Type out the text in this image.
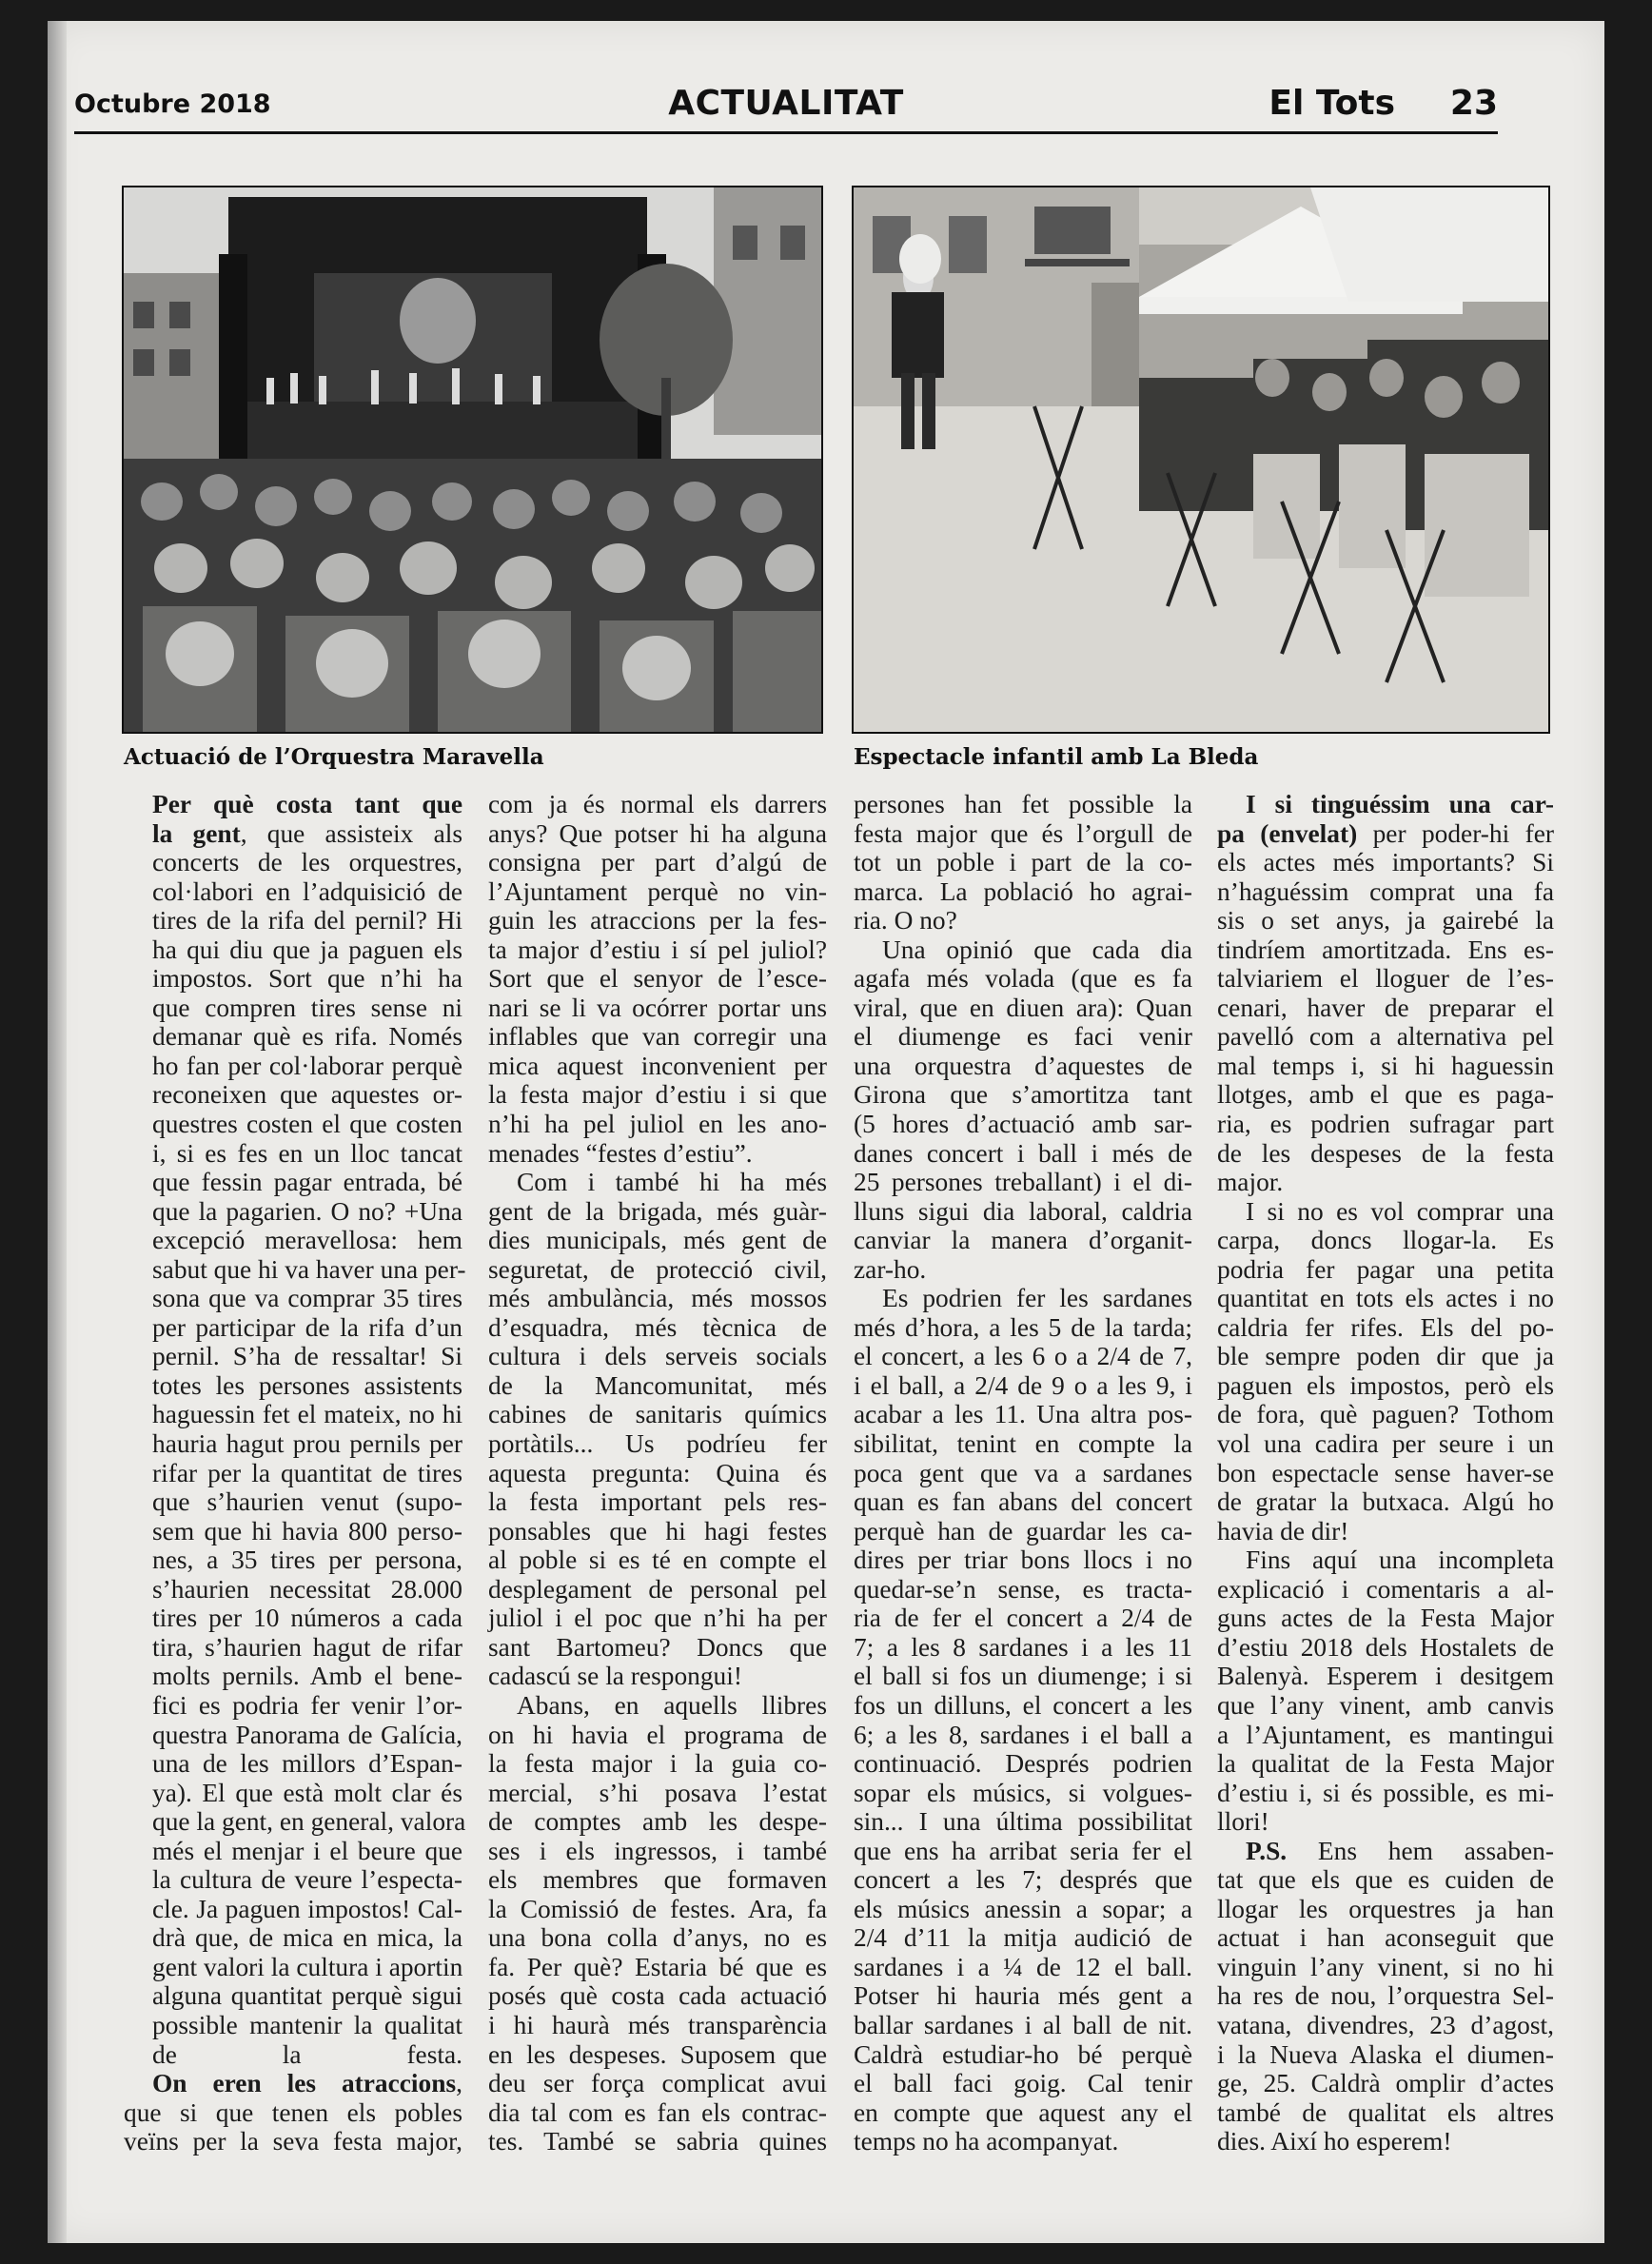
Octubre 2018	ACTUALITAT	El Tots 23
Actuació de l’Orquestra Maravella	Espectacle infantil amb La Bleda

Per què costa tant que
la gent, que assisteix als
concerts de les orquestres,
col·labori en l’adquisició de
tires de la rifa del pernil? Hi
ha qui diu que ja paguen els
impostos. Sort que n’hi ha
que compren tires sense ni
demanar què es rifa. Només
ho fan per col·laborar perquè
reconeixen que aquestes or-
questres costen el que costen
i, si es fes en un lloc tancat
que fessin pagar entrada, bé
que la pagarien. O no? +Una
excepció meravellosa: hem
sabut que hi va haver una per-
sona que va comprar 35 tires
per participar de la rifa d’un
pernil. S’ha de ressaltar! Si
totes les persones assistents
haguessin fet el mateix, no hi
hauria hagut prou pernils per
rifar per la quantitat de tires
que s’haurien venut (supo-
sem que hi havia 800 perso-
nes, a 35 tires per persona,
s’haurien necessitat 28.000
tires per 10 números a cada
tira, s’haurien hagut de rifar
molts pernils. Amb el bene-
fici es podria fer venir l’or-
questra Panorama de Galícia,
una de les millors d’Espan-
ya). El que està molt clar és
que la gent, en general, valora
més el menjar i el beure que
la cultura de veure l’especta-
cle. Ja paguen impostos! Cal-
drà que, de mica en mica, la
gent valori la cultura i aportin
alguna quantitat perquè sigui
possible mantenir la qualitat
de la festa.

On eren les atraccions,
que si que tenen els pobles
veïns per la seva festa major,

com ja és normal els darrers
anys? Que potser hi ha alguna
consigna per part d’algú de
l’Ajuntament perquè no vin-
guin les atraccions per la fes-
ta major d’estiu i sí pel juliol?
Sort que el senyor de l’esce-
nari se li va ocórrer portar uns
inflables que van corregir una
mica aquest inconvenient per
la festa major d’estiu i si que
n’hi ha pel juliol en les ano-
menades “festes d’estiu”.

Com i també hi ha més
gent de la brigada, més guàr-
dies municipals, més gent de
seguretat, de protecció civil,
més ambulància, més mossos
d’esquadra, més tècnica de
cultura i dels serveis socials
de la Mancomunitat, més
cabines de sanitaris químics
portàtils... Us podríeu fer
aquesta pregunta: Quina és
la festa important pels res-
ponsables que hi hagi festes
al poble si es té en compte el
desplegament de personal pel
juliol i el poc que n’hi ha per
sant Bartomeu? Doncs que
cadascú se la respongui!

Abans, en aquells llibres
on hi havia el programa de
la festa major i la guia co-
mercial, s’hi posava l’estat
de comptes amb les despe-
ses i els ingressos, i també
els membres que formaven
la Comissió de festes. Ara, fa
una bona colla d’anys, no es
fa. Per què? Estaria bé que es
posés què costa cada actuació
i hi haurà més transparència
en les despeses. Suposem que
deu ser força complicat avui
dia tal com es fan els contrac-
tes. També se sabria quines

persones han fet possible la
festa major que és l’orgull de
tot un poble i part de la co-
marca. La població ho agrai-
ria. O no?

Una opinió que cada dia
agafa més volada (que es fa
viral, que en diuen ara): Quan
el diumenge es faci venir
una orquestra d’aquestes de
Girona que s’amortitza tant
(5 hores d’actuació amb sar-
danes concert i ball i més de
25 persones treballant) i el di-
lluns sigui dia laboral, caldria
canviar la manera d’organit-
zar-ho.

Es podrien fer les sardanes
més d’hora, a les 5 de la tarda;
el concert, a les 6 o a 2/4 de 7,
i el ball, a 2/4 de 9 o a les 9, i
acabar a les 11. Una altra pos-
sibilitat, tenint en compte la
poca gent que va a sardanes
quan es fan abans del concert
perquè han de guardar les ca-
dires per triar bons llocs i no
quedar-se’n sense, es tracta-
ria de fer el concert a 2/4 de
7; a les 8 sardanes i a les 11
el ball si fos un diumenge; i si
fos un dilluns, el concert a les
6; a les 8, sardanes i el ball a
continuació. Després podrien
sopar els músics, si volgues-
sin... I una última possibilitat
que ens ha arribat seria fer el
concert a les 7; després que
els músics anessin a sopar; a
2/4 d’11 la mitja audició de
sardanes i a ¼ de 12 el ball.
Potser hi hauria més gent a
ballar sardanes i al ball de nit.
Caldrà estudiar-ho bé perquè
el ball faci goig. Cal tenir
en compte que aquest any el
temps no ha acompanyat.

I si tinguéssim una car-
pa (envelat) per poder-hi fer
els actes més importants? Si
n’haguéssim comprat una fa
sis o set anys, ja gairebé la
tindríem amortitzada. Ens es-
talviariem el lloguer de l’es-
cenari, haver de preparar el
pavelló com a alternativa pel
mal temps i, si hi haguessin
llotges, amb el que es paga-
ria, es podrien sufragar part
de les despeses de la festa
major.

I si no es vol comprar una
carpa, doncs llogar-la. Es
podria fer pagar una petita
quantitat en tots els actes i no
caldria fer rifes. Els del po-
ble sempre poden dir que ja
paguen els impostos, però els
de fora, què paguen? Tothom
vol una cadira per seure i un
bon espectacle sense haver-se
de gratar la butxaca. Algú ho
havia de dir!

Fins aquí una incompleta
explicació i comentaris a al-
guns actes de la Festa Major
d’estiu 2018 dels Hostalets de
Balenyà. Esperem i desitgem
que l’any vinent, amb canvis
a l’Ajuntament, es mantingui
la qualitat de la Festa Major
d’estiu i, si és possible, es mi-
llori!

P.S. Ens hem assaben-
tat que els que es cuiden de
llogar les orquestres ja han
actuat i han aconseguit que
vinguin l’any vinent, si no hi
ha res de nou, l’orquestra Sel-
vatana, divendres, 23 d’agost,
i la Nueva Alaska el diumen-
ge, 25. Caldrà omplir d’actes
també de qualitat els altres
dies. Així ho esperem!
